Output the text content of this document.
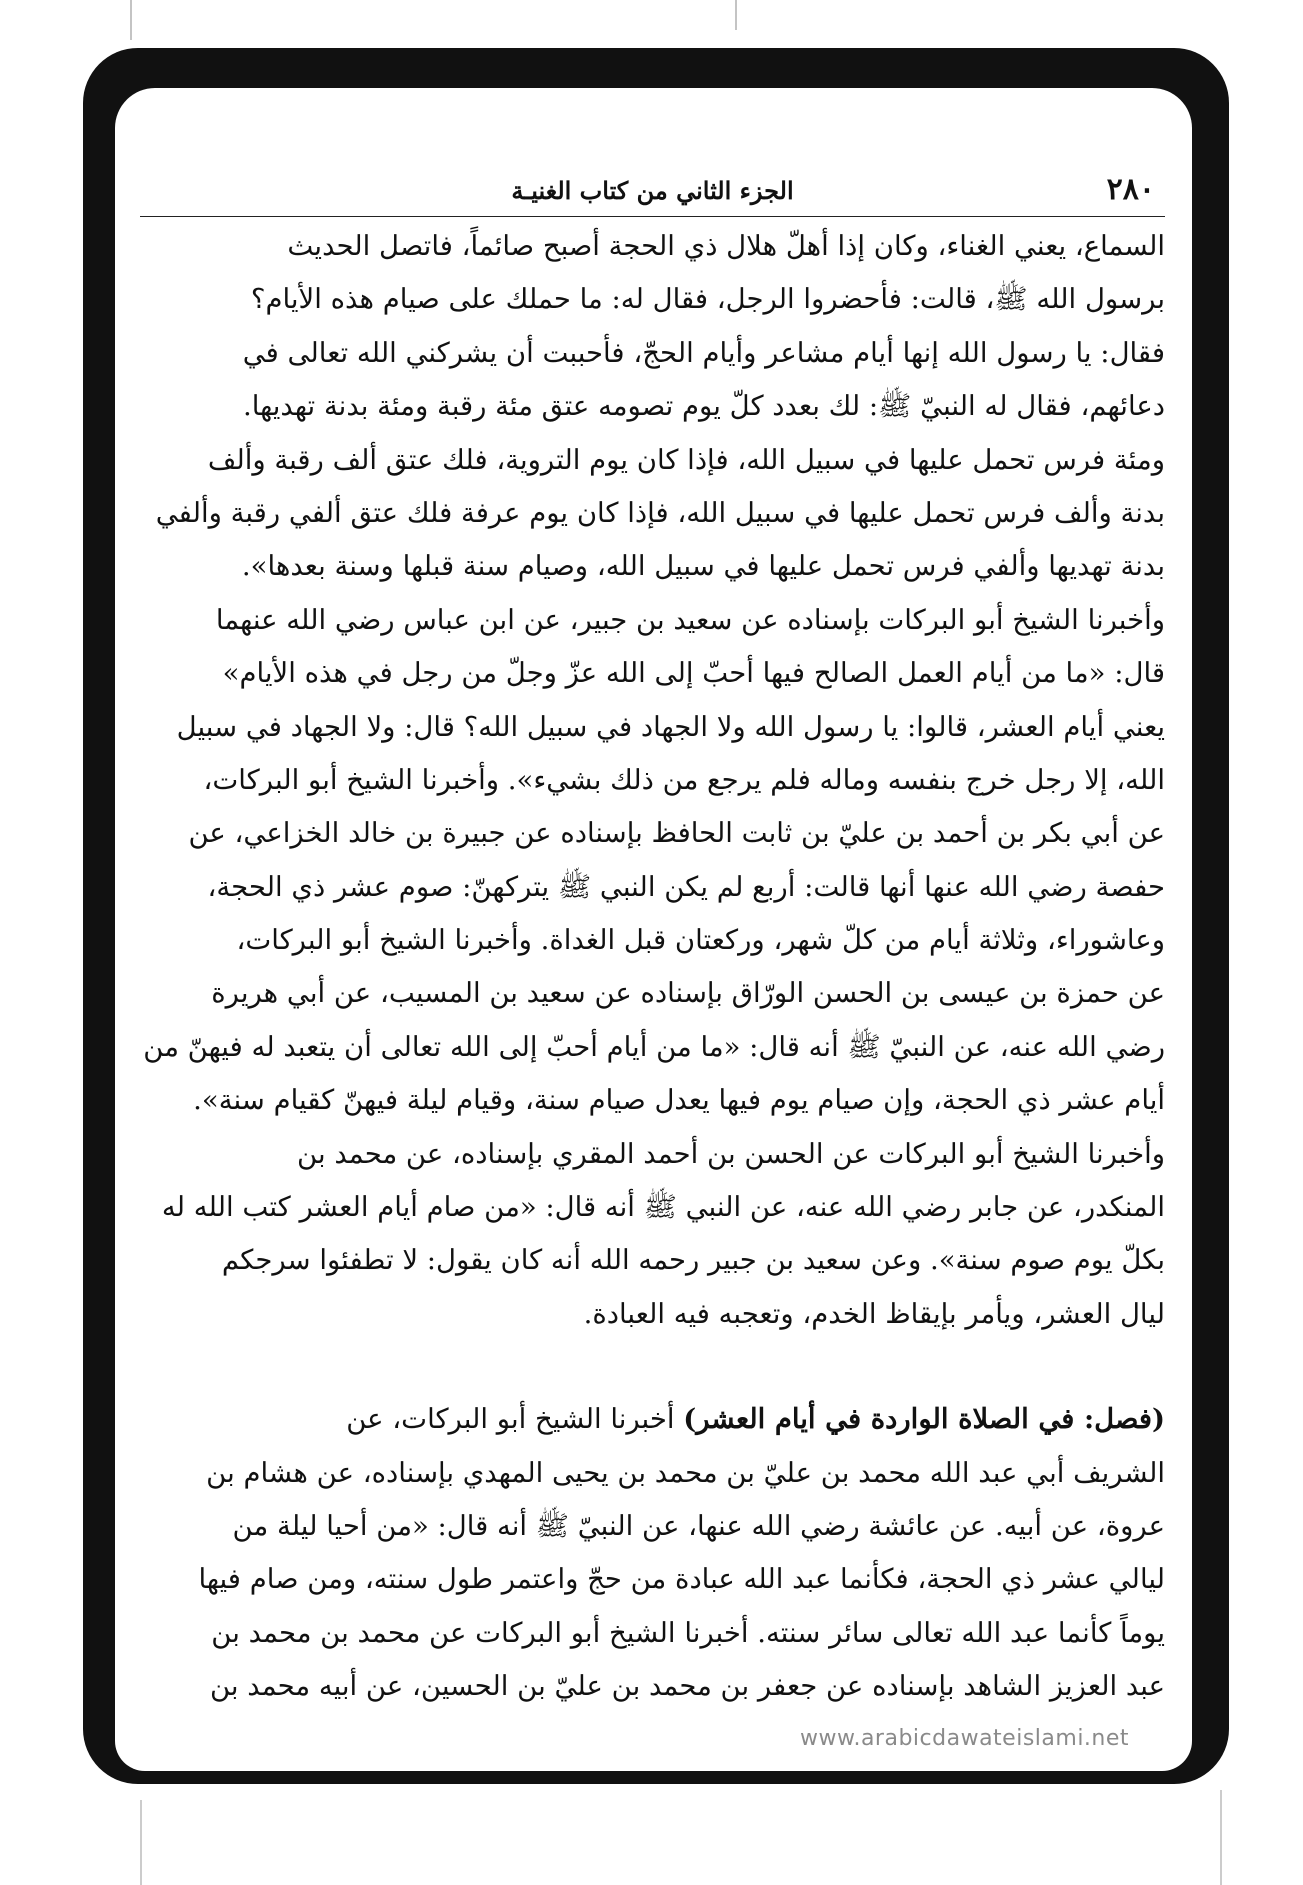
٢٨٠
الجزء الثاني من كتاب الغنيـة
السماع، يعني الغناء، وكان إذا أهلّ هلال ذي الحجة أصبح صائماً، فاتصل الحديث
برسول الله ﷺ، قالت: فأحضروا الرجل، فقال له: ما حملك على صيام هذه الأيام؟
فقال: يا رسول الله إنها أيام مشاعر وأيام الحجّ، فأحببت أن يشركني الله تعالى في
دعائهم، فقال له النبيّ ﷺ: لك بعدد كلّ يوم تصومه عتق مئة رقبة ومئة بدنة تهديها.
ومئة فرس تحمل عليها في سبيل الله، فإذا كان يوم التروية، فلك عتق ألف رقبة وألف
بدنة وألف فرس تحمل عليها في سبيل الله، فإذا كان يوم عرفة فلك عتق ألفي رقبة وألفي
بدنة تهديها وألفي فرس تحمل عليها في سبيل الله، وصيام سنة قبلها وسنة بعدها».
وأخبرنا الشيخ أبو البركات بإسناده عن سعيد بن جبير، عن ابن عباس رضي الله عنهما
قال: «ما من أيام العمل الصالح فيها أحبّ إلى الله عزّ وجلّ من رجل في هذه الأيام»
يعني أيام العشر، قالوا: يا رسول الله ولا الجهاد في سبيل الله؟ قال: ولا الجهاد في سبيل
الله، إلا رجل خرج بنفسه وماله فلم يرجع من ذلك بشيء». وأخبرنا الشيخ أبو البركات،
عن أبي بكر بن أحمد بن عليّ بن ثابت الحافظ بإسناده عن جبيرة بن خالد الخزاعي، عن
حفصة رضي الله عنها أنها قالت: أربع لم يكن النبي ﷺ يتركهنّ: صوم عشر ذي الحجة،
وعاشوراء، وثلاثة أيام من كلّ شهر، وركعتان قبل الغداة. وأخبرنا الشيخ أبو البركات،
عن حمزة بن عيسى بن الحسن الورّاق بإسناده عن سعيد بن المسيب، عن أبي هريرة
رضي الله عنه، عن النبيّ ﷺ أنه قال: «ما من أيام أحبّ إلى الله تعالى أن يتعبد له فيهنّ من
أيام عشر ذي الحجة، وإن صيام يوم فيها يعدل صيام سنة، وقيام ليلة فيهنّ كقيام سنة».
وأخبرنا الشيخ أبو البركات عن الحسن بن أحمد المقري بإسناده، عن محمد بن
المنكدر، عن جابر رضي الله عنه، عن النبي ﷺ أنه قال: «من صام أيام العشر كتب الله له
بكلّ يوم صوم سنة». وعن سعيد بن جبير رحمه الله أنه كان يقول: لا تطفئوا سرجكم
ليال العشر، ويأمر بإيقاظ الخدم، وتعجبه فيه العبادة.
(فصل: في الصلاة الواردة في أيام العشر) أخبرنا الشيخ أبو البركات، عن
الشريف أبي عبد الله محمد بن عليّ بن محمد بن يحيى المهدي بإسناده، عن هشام بن
عروة، عن أبيه. عن عائشة رضي الله عنها، عن النبيّ ﷺ أنه قال: «من أحيا ليلة من
ليالي عشر ذي الحجة، فكأنما عبد الله عبادة من حجّ واعتمر طول سنته، ومن صام فيها
يوماً كأنما عبد الله تعالى سائر سنته. أخبرنا الشيخ أبو البركات عن محمد بن محمد بن
عبد العزيز الشاهد بإسناده عن جعفر بن محمد بن عليّ بن الحسين، عن أبيه محمد بن
www.arabicdawateislami.net
